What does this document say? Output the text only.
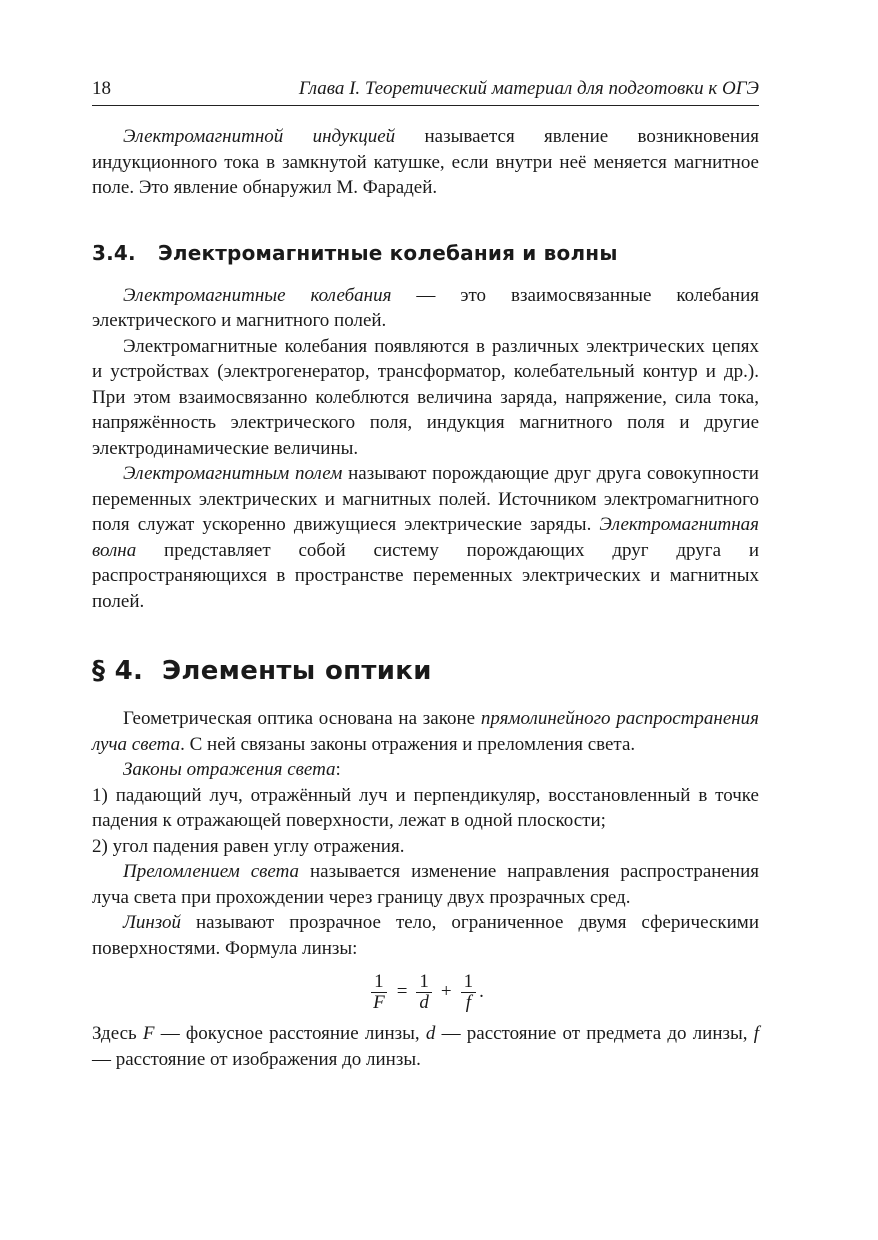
18	Глава I. Теоретический материал для подготовки к ОГЭ

Электромагнитной индукцией называется явление возникновения индукционного тока в замкнутой катушке, если внутри неё меняется магнитное поле. Это явление обнаружил М. Фарадей.

3.4. Электромагнитные колебания и волны

Электромагнитные колебания — это взаимосвязанные колебания электрического и магнитного полей.

Электромагнитные колебания появляются в различных электрических цепях и устройствах (электрогенератор, трансформатор, колебательный контур и др.). При этом взаимосвязанно колеблются величина заряда, напряжение, сила тока, напряжённость электрического поля, индукция магнитного поля и другие электродинамические величины.

Электромагнитным полем называют порождающие друг друга совокупности переменных электрических и магнитных полей. Источником электромагнитного поля служат ускоренно движущиеся электрические заряды. Электромагнитная волна представляет собой систему порождающих друг друга и распространяющихся в пространстве переменных электрических и магнитных полей.

§ 4. Элементы оптики

Геометрическая оптика основана на законе прямолинейного распространения луча света. С ней связаны законы отражения и преломления света.

Законы отражения света:

1) падающий луч, отражённый луч и перпендикуляр, восстановленный в точке падения к отражающей поверхности, лежат в одной плоскости;

2) угол падения равен углу отражения.

Преломлением света называется изменение направления распространения луча света при прохождении через границу двух прозрачных сред.

Линзой называют прозрачное тело, ограниченное двумя сферическими поверхностями. Формула линзы:

$\frac{1}{F} = \frac{1}{d} + \frac{1}{f}$ .

Здесь F — фокусное расстояние линзы, d — расстояние от предмета до линзы, f — расстояние от изображения до линзы.
